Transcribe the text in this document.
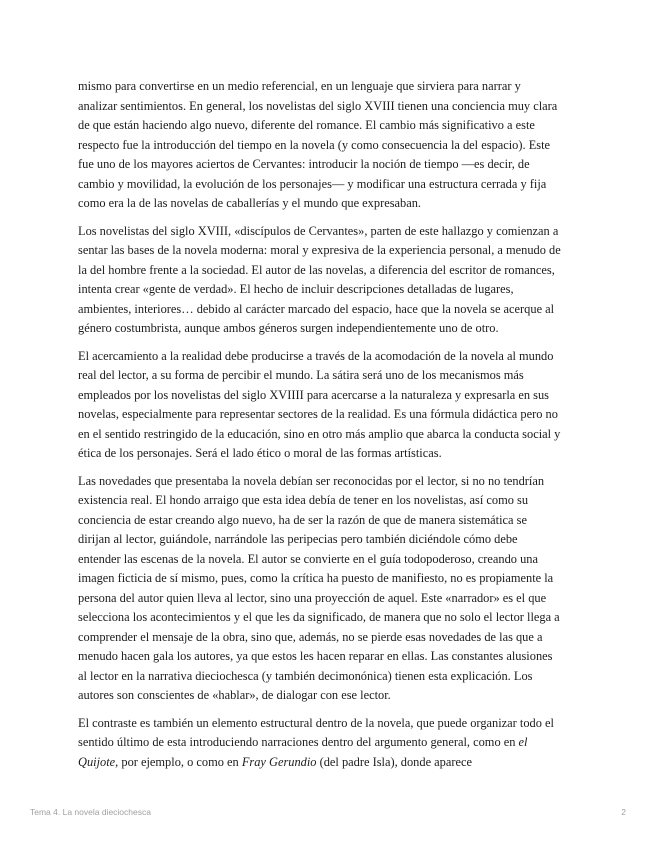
mismo para convertirse en un medio referencial, en un lenguaje que sirviera para narrar y
analizar sentimientos. En general, los novelistas del siglo XVIII tienen una conciencia muy clara
de que están haciendo algo nuevo, diferente del romance. El cambio más significativo a este
respecto fue la introducción del tiempo en la novela (y como consecuencia la del espacio). Este
fue uno de los mayores aciertos de Cervantes: introducir la noción de tiempo —es decir, de
cambio y movilidad, la evolución de los personajes— y modificar una estructura cerrada y fija
como era la de las novelas de caballerías y el mundo que expresaban.

Los novelistas del siglo XVIII, «discípulos de Cervantes», parten de este hallazgo y comienzan a
sentar las bases de la novela moderna: moral y expresiva de la experiencia personal, a menudo de
la del hombre frente a la sociedad. El autor de las novelas, a diferencia del escritor de romances,
intenta crear «gente de verdad». El hecho de incluir descripciones detalladas de lugares,
ambientes, interiores… debido al carácter marcado del espacio, hace que la novela se acerque al
género costumbrista, aunque ambos géneros surgen independientemente uno de otro.

El acercamiento a la realidad debe producirse a través de la acomodación de la novela al mundo
real del lector, a su forma de percibir el mundo. La sátira será uno de los mecanismos más
empleados por los novelistas del siglo XVIIII para acercarse a la naturaleza y expresarla en sus
novelas, especialmente para representar sectores de la realidad. Es una fórmula didáctica pero no
en el sentido restringido de la educación, sino en otro más amplio que abarca la conducta social y
ética de los personajes. Será el lado ético o moral de las formas artísticas.

Las novedades que presentaba la novela debían ser reconocidas por el lector, si no no tendrían
existencia real. El hondo arraigo que esta idea debía de tener en los novelistas, así como su
conciencia de estar creando algo nuevo, ha de ser la razón de que de manera sistemática se
dirijan al lector, guiándole, narrándole las peripecias pero también diciéndole cómo debe
entender las escenas de la novela. El autor se convierte en el guía todopoderoso, creando una
imagen ficticia de sí mismo, pues, como la crítica ha puesto de manifiesto, no es propiamente la
persona del autor quien lleva al lector, sino una proyección de aquel. Este «narrador» es el que
selecciona los acontecimientos y el que les da significado, de manera que no solo el lector llega a
comprender el mensaje de la obra, sino que, además, no se pierde esas novedades de las que a
menudo hacen gala los autores, ya que estos les hacen reparar en ellas. Las constantes alusiones
al lector en la narrativa dieciochesca (y también decimonónica) tienen esta explicación. Los
autores son conscientes de «hablar», de dialogar con ese lector.

El contraste es también un elemento estructural dentro de la novela, que puede organizar todo el
sentido último de esta introduciendo narraciones dentro del argumento general, como en el
Quijote, por ejemplo, o como en Fray Gerundio (del padre Isla), donde aparece

Tema 4. La novela dieciochesca	2
